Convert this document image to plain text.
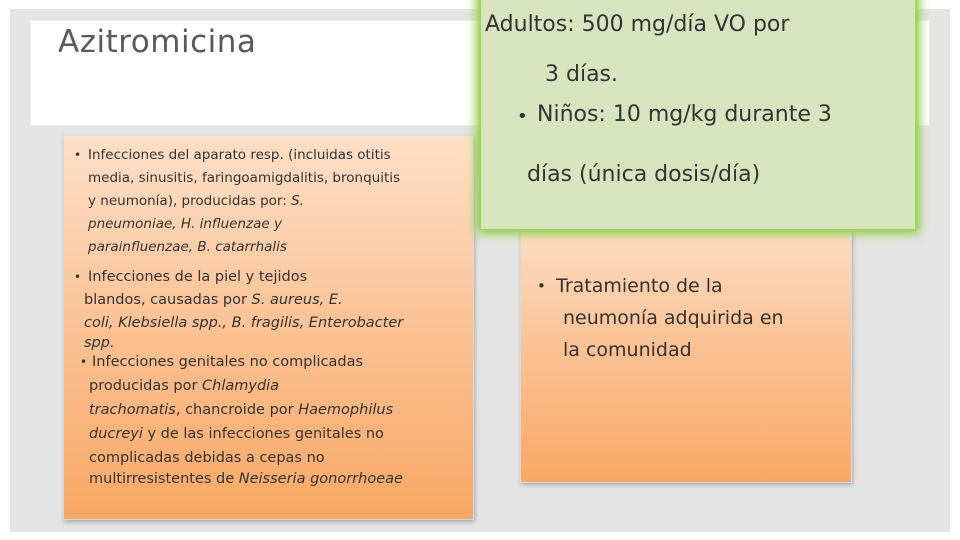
Azitromicina
• Infecciones del aparato resp. (incluidas otitis
media, sinusitis, faringoamigdalitis, bronquitis
y neumonía), producidas por: S.
pneumoniae, H. influenzae y
parainfluenzae, B. catarrhalis
• Infecciones de la piel y tejidos
blandos, causadas por S. aureus, E.
coli, Klebsiella spp., B. fragilis, Enterobacter
spp.
• Infecciones genitales no complicadas
producidas por Chlamydia
trachomatis, chancroide por Haemophilus
ducreyi y de las infecciones genitales no
complicadas debidas a cepas no
multirresistentes de Neisseria gonorrhoeae
• Tratamiento de la
neumonía adquirida en
la comunidad
Adultos: 500 mg/día VO por
3 días.
• Niños: 10 mg/kg durante 3
días (única dosis/día)
